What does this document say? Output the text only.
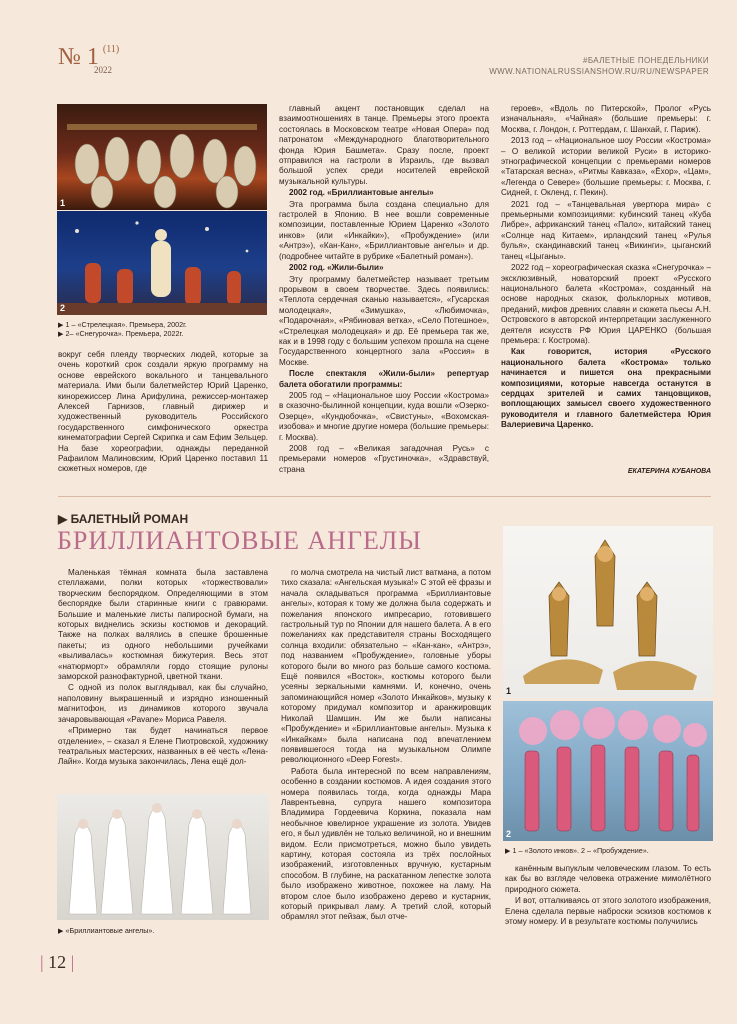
№ 1 $^{(11)}$
2022
#БАЛЕТНЫЕ ПОНЕДЕЛЬНИКИ
WWW.NATIONALRUSSIANSHOW.RU/RU/NEWSPAPER
1
2
▶ 1 – «Стрелецкая». Премьера, 2002г.
▶ 2– «Снегурочка». Премьера, 2022г.

вокруг себя плеяду творческих людей, которые за очень короткий срок создали яркую программу на основе еврейского вокального и танцевального материала. Ими были балетмейстер Юрий Царенко, кинорежиссер Лина Арифулина, режиссер-монтажер Алексей Гарнизов, главный дирижер и художественный руководитель Российского государственного симфонического оркестра кинематографии Сергей Скрипка и сам Ефим Зельцер. На базе хореографии, однажды переданной Рафаилом Малиновским, Юрий Царенко поставил 11 сюжетных номеров, где

главный акцент постановщик сделал на взаимоотношениях в танце. Премьеры этого проекта состоялась в Московском театре «Новая Опера» под патронатом «Международного благотворительного фонда Юрия Башмета». Сразу после, проект отправился на гастроли в Израиль, где вызвал большой успех среди носителей еврейской музыкальной культуры.

2002 год. «Бриллиантовые ангелы»

Эта программа была создана специально для гастролей в Японию. В нее вошли современные композиции, поставленные Юрием Царенко «Золото инков» (или «Инкайки»), «Пробуждение» (или «Антрэ»), «Кан-Кан», «Бриллиантовые ангелы» и др. (подробнее читайте в рубрике «Балетный роман»).

2002 год. «Жили-были»

Эту программу балетмейстер называет третьим прорывом в своем творчестве. Здесь появились: «Теплота сердечная сканью называется», «Гусарская молодецкая», «Зимушка», «Любимочка», «Подарочная», «Рябиновая ветка», «Село Потешное», «Стрелецкая молодецкая» и др. Её премьера так же, как и в 1998 году с большим успехом прошла на сцене Государственного концертного зала «Россия» в Москве.

После спектакля «Жили-были» репертуар балета обогатили программы:

2005 год – «Национальное шоу России «Кострома» в сказочно-былинной концепции, куда вошли «Озерко-Озерце», «Кундюбочка», «Свистуны», «Вохомская-изобова» и многие другие номера (большие премьеры: г. Москва).

2008 год – «Великая загадочная Русь» с премьерами номеров «Грустиночка», «Здравствуй, страна

героев», «Вдоль по Питерской», Пролог «Русь изначальная», «Чайная» (большие премьеры: г. Москва, г. Лондон, г. Роттердам, г. Шанхай, г. Париж).

2013 год – «Национальное шоу России «Кострома» – О великой истории великой Руси» в историко-этнографической концепции с премьерами номеров «Татарская весна», «Ритмы Кавказа», «Ёхор», «Цам», «Легенда о Севере» (большие премьеры: г. Москва, г. Сидней, г. Окленд, г. Пекин).

2021 год – «Танцевальная увертюра мира» с премьерными композициями: кубинский танец «Куба Либре», африканский танец «Пало», китайский танец «Солнце над Китаем», ирландский танец «Рулья булья», скандинавский танец «Викинги», цыганский танец «Цыганы».

2022 год – хореографическая сказка «Снегурочка» – эксклюзивный, новаторский проект «Русского национального балета «Кострома», созданный на основе народных сказок, фольклорных мотивов, преданий, мифов древних славян и сюжета пьесы А.Н. Островского в авторской интерпретации заслуженного деятеля искусств РФ Юрия ЦАРЕНКО (большая премьера: г. Кострома).

Как говорится, история «Русского национального балета «Кострома» только начинается и пишется она прекрасными композициями, которые навсегда останутся в сердцах зрителей и самих танцовщиков, воплощающих замысел своего художественного руководителя и главного балетмейстера Юрия Валериевича Царенко.

ЕКАТЕРИНА КУБАНОВА
▶ БАЛЕТНЫЙ РОМАН
БРИЛЛИАНТОВЫЕ АНГЕЛЫ

Маленькая тёмная комната была заставлена стеллажами, полки которых «торжествовали» творческим беспорядком. Определяющими в этом беспорядке были старинные книги с гравюрами. Большие и маленькие листы папиросной бумаги, на которых виднелись эскизы костюмов и декораций. Также на полках валялись в спешке брошенные пакеты; из одного небольшими ручейками «выливалась» костюмная бижутерия. Весь этот «натюрморт» обрамляли гордо стоящие рулоны заморской разнофактурной, цветной ткани.

С одной из полок выглядывал, как бы случайно, наполовину выкрашенный и изрядно изношенный магнитофон, из динамиков которого звучала зачаровывающая «Pavane» Мориса Равеля.

«Примерно так будет начинаться первое отделение», – сказал я Елене Пиотровской, художнику театральных мастерских, названных в её честь «Лена-Лайн». Когда музыка закончилась, Лена ещё дол-

го молча смотрела на чистый лист ватмана, а потом тихо сказала: «Ангельская музыка!» С этой её фразы и начала складываться программа «Бриллиантовые ангелы», которая к тому же должна была содержать и пожелания японского импресарио, готовившего гастрольный тур по Японии для нашего балета. А в его пожеланиях как представителя страны Восходящего солнца входили: обязательно – «Кан-кан», «Антрэ», под названием «Пробуждение», головные уборы которого были во много раз больше самого костюма. Ещё появился «Восток», костюмы которого были усеяны зеркальными камнями. И, конечно, очень запоминающийся номер «Золото Инкайков», музыку к которому придумал композитор и аранжировщик Николай Шамшин. Им же были написаны «Пробуждение» и «Бриллиантовые ангелы». Музыка к «Инкайкам» была написана под впечатлением появившегося тогда на музыкальном Олимпе революционного «Deep Forest».

Работа была интересной по всем направлениям, особенно в создании костюмов. А идея создания этого номера появилась тогда, когда однажды Мара Лаврентьевна, супруга нашего композитора Владимира Гордеевича Коркина, показала нам необычное ювелирное украшение из золота. Увидев его, я был удивлён не только величиной, но и внешним видом. Если присмотреться, можно было увидеть картину, которая состояла из трёх послойных изображений, изготовленных вручную, кустарным способом. В глубине, на раскатанном лепестке золота было изображено животное, похожее на ламу. На втором слое было изображено дерево и кустарник, который прикрывал ламу. А третий слой, который обрамлял этот пейзаж, был отче-

канённым выпуклым человеческим глазом. То есть как бы во взгляде человека отражение мимолётного природного сюжета.

И вот, отталкиваясь от этого золотого изображения, Елена сделала первые наброски эскизов костюмов к этому номеру. И в результате костюмы получились

▶ «Бриллиантовые ангелы».
1
2
▶ 1 – «Золото инков». 2 – «Пробуждение».
| 12 |
